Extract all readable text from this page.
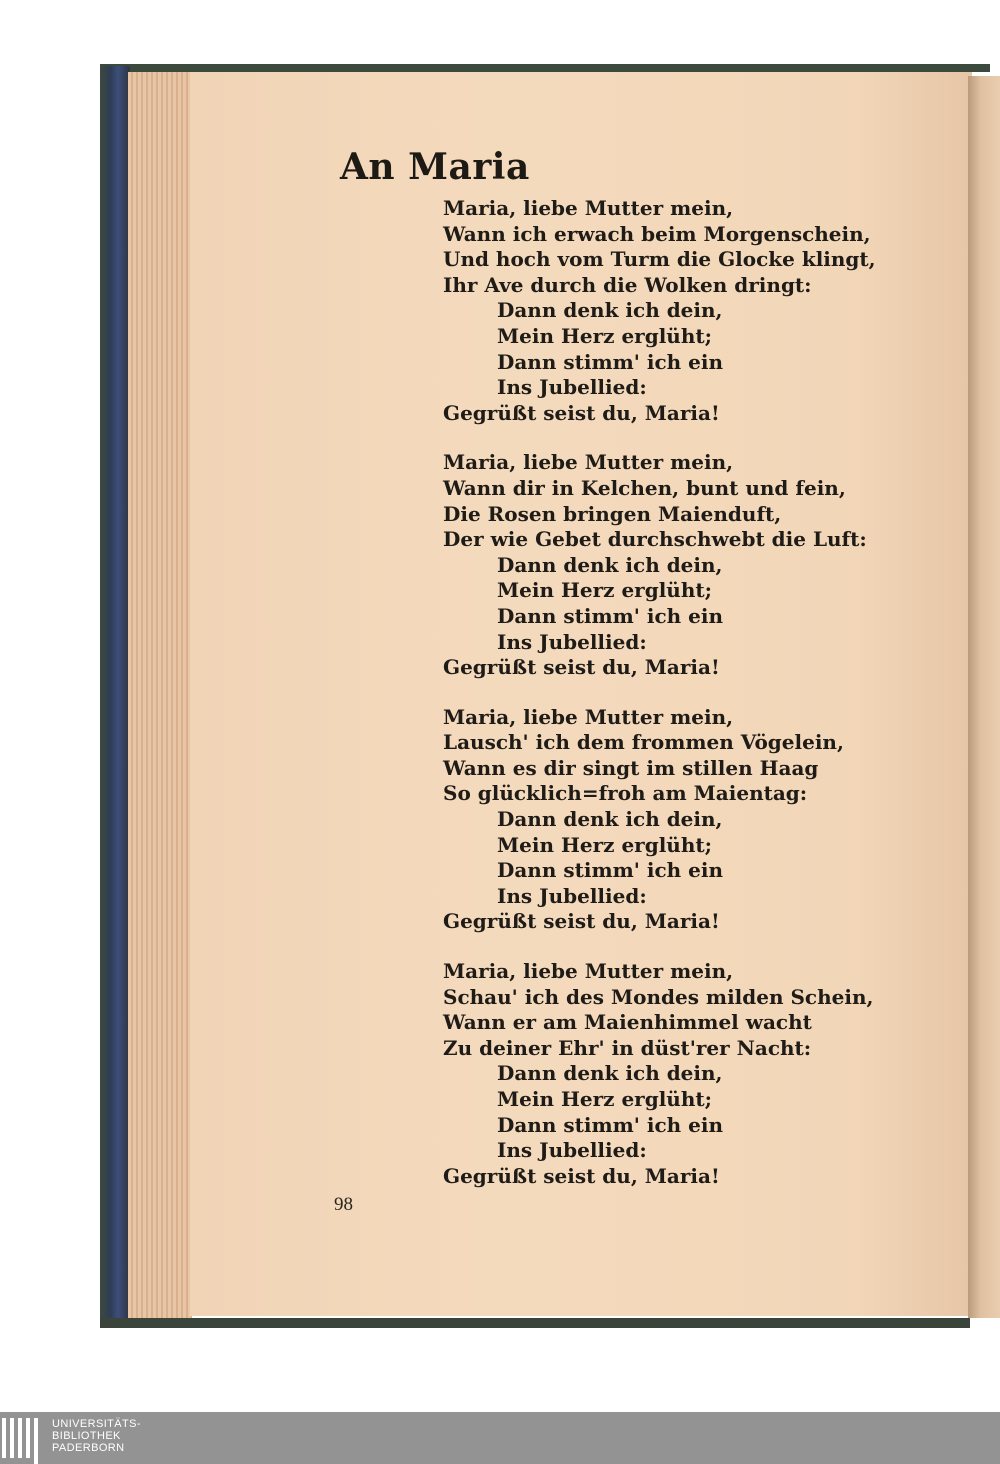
An Maria
Maria, liebe Mutter mein,
Wann ich erwach beim Morgenschein,
Und hoch vom Turm die Glocke klingt,
Ihr Ave durch die Wolken dringt:
Dann denk ich dein,
Mein Herz erglüht;
Dann stimm' ich ein
Ins Jubellied:
Gegrüßt seist du, Maria!
Maria, liebe Mutter mein,
Wann dir in Kelchen, bunt und fein,
Die Rosen bringen Maienduft,
Der wie Gebet durchschwebt die Luft:
Dann denk ich dein,
Mein Herz erglüht;
Dann stimm' ich ein
Ins Jubellied:
Gegrüßt seist du, Maria!
Maria, liebe Mutter mein,
Lausch' ich dem frommen Vögelein,
Wann es dir singt im stillen Haag
So glücklich=froh am Maientag:
Dann denk ich dein,
Mein Herz erglüht;
Dann stimm' ich ein
Ins Jubellied:
Gegrüßt seist du, Maria!
Maria, liebe Mutter mein,
Schau' ich des Mondes milden Schein,
Wann er am Maienhimmel wacht
Zu deiner Ehr' in düst'rer Nacht:
Dann denk ich dein,
Mein Herz erglüht;
Dann stimm' ich ein
Ins Jubellied:
Gegrüßt seist du, Maria!
98
UNIVERSITÄTS-
BIBLIOTHEK
PADERBORN
